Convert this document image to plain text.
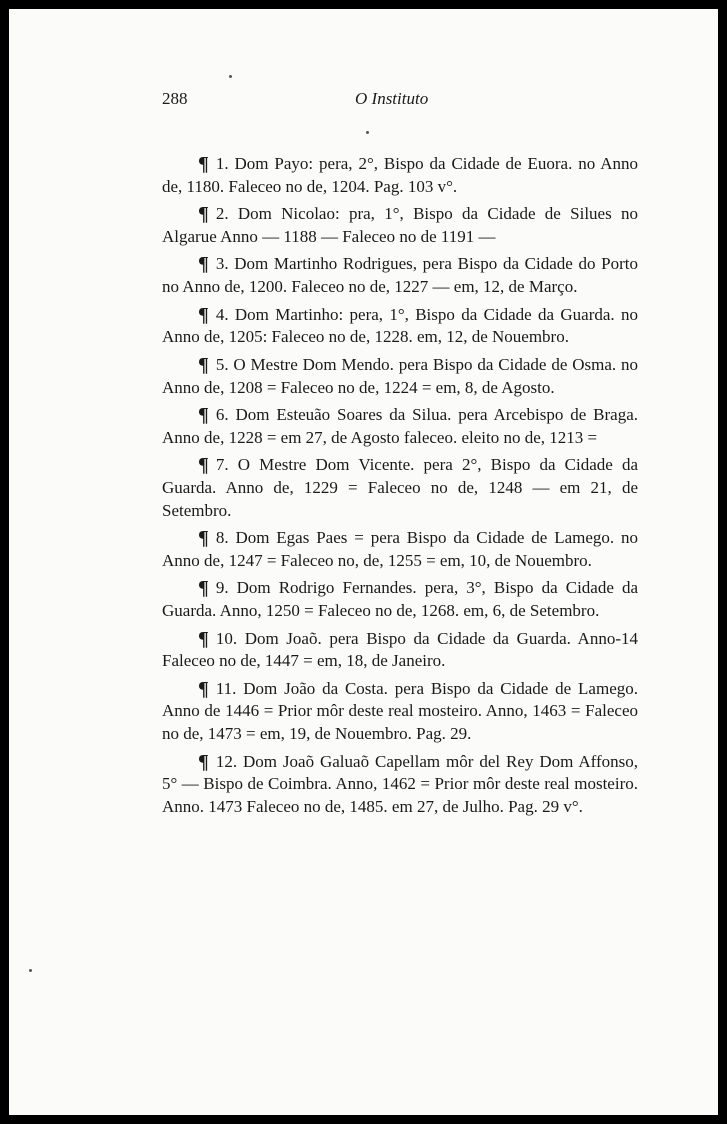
288	O Instituto

¶ 1. Dom Payo: pera, 2°, Bispo da Cidade de Euora. no Anno de, 1180. Faleceo no de, 1204. Pag. 103 v°.

¶ 2. Dom Nicolao: pra, 1°, Bispo da Cidade de Silues no Algarue Anno — 1188 — Faleceo no de 1191 —

¶ 3. Dom Martinho Rodrigues, pera Bispo da Cidade do Porto no Anno de, 1200. Faleceo no de, 1227 — em, 12, de Março.

¶ 4. Dom Martinho: pera, 1°, Bispo da Cidade da Guarda. no Anno de, 1205: Faleceo no de, 1228. em, 12, de Nouembro.

¶ 5. O Mestre Dom Mendo. pera Bispo da Cidade de Osma. no Anno de, 1208 = Faleceo no de, 1224 = em, 8, de Agosto.

¶ 6. Dom Esteuão Soares da Silua. pera Arcebispo de Braga. Anno de, 1228 = em 27, de Agosto faleceo. eleito no de, 1213 =

¶ 7. O Mestre Dom Vicente. pera 2°, Bispo da Cidade da Guarda. Anno de, 1229 = Faleceo no de, 1248 — em 21, de Setembro.

¶ 8. Dom Egas Paes = pera Bispo da Cidade de Lamego. no Anno de, 1247 = Faleceo no, de, 1255 = em, 10, de Nouembro.

¶ 9. Dom Rodrigo Fernandes. pera, 3°, Bispo da Cidade da Guarda. Anno, 1250 = Faleceo no de, 1268. em, 6, de Setembro.

¶ 10. Dom Joaõ. pera Bispo da Cidade da Guarda. Anno-14 Faleceo no de, 1447 = em, 18, de Janeiro.

¶ 11. Dom João da Costa. pera Bispo da Cidade de Lamego. Anno de 1446 = Prior môr deste real mosteiro. Anno, 1463 = Faleceo no de, 1473 = em, 19, de Nouembro. Pag. 29.

¶ 12. Dom Joaõ Galuaõ Capellam môr del Rey Dom Affonso, 5° — Bispo de Coimbra. Anno, 1462 = Prior môr deste real mosteiro. Anno. 1473 Faleceo no de, 1485. em 27, de Julho. Pag. 29 v°.
